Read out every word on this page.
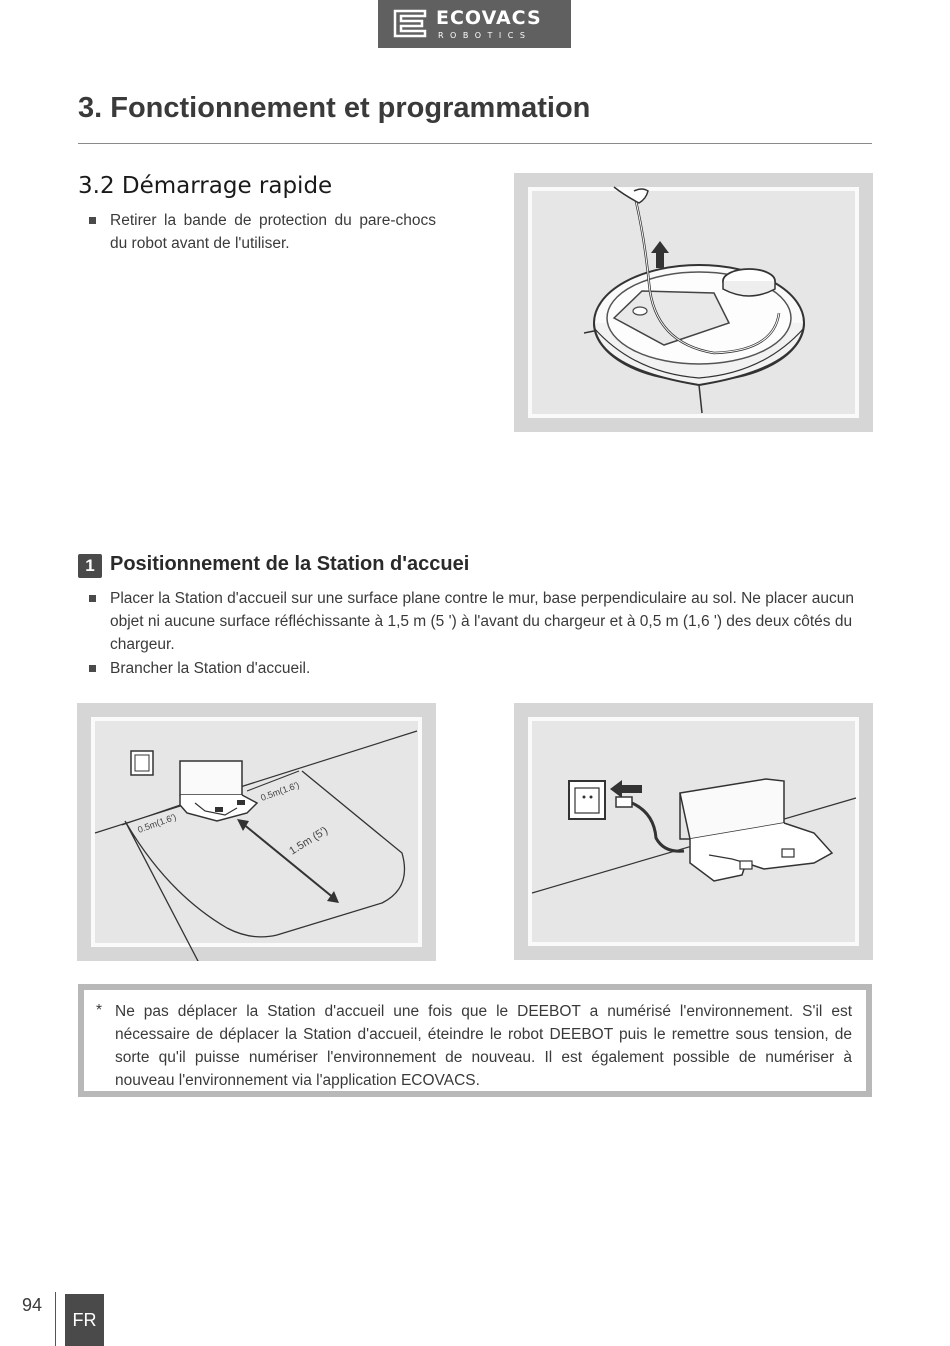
ECOVACS
ROBOTICS
3. Fonctionnement et programmation
3.2 Démarrage rapide
Retirer la bande de protection du pare-chocs du robot avant de l'utiliser.
1 Positionnement de la Station d'accuei
Placer la Station d'accueil sur une surface plane contre le mur, base perpendiculaire au sol. Ne placer aucun objet ni aucune surface réfléchissante à 1,5 m (5 ') à l'avant du chargeur et à 0,5 m (1,6 ') des deux côtés du chargeur.
Brancher la Station d'accueil.
0.5m(1.6')
0.5m(1.6')
1.5m (5')
* Ne pas déplacer la Station d'accueil une fois que le DEEBOT a numérisé l'environnement. S'il est nécessaire de déplacer la Station d'accueil, éteindre le robot DEEBOT puis le remettre sous tension, de sorte qu'il puisse numériser l'environnement de nouveau. Il est également possible de numériser à nouveau l'environnement via l'application ECOVACS.
94
FR
